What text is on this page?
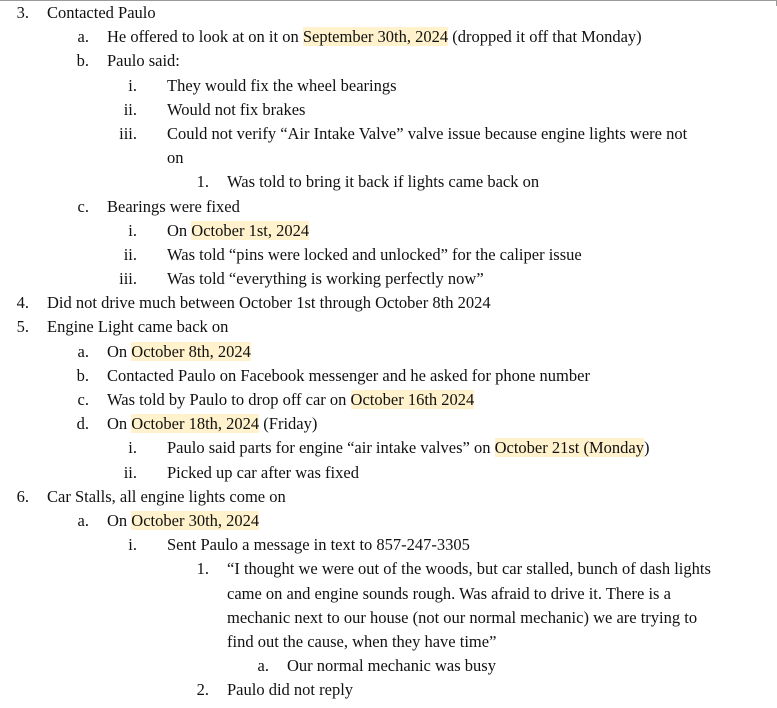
3. Contacted Paulo
a. He offered to look at on it on September 30th, 2024 (dropped it off that Monday)
b. Paulo said:
i. They would fix the wheel bearings
ii. Would not fix brakes
iii. Could not verify “Air Intake Valve” valve issue because engine lights were not
on
1. Was told to bring it back if lights came back on
c. Bearings were fixed
i. On October 1st, 2024
ii. Was told “pins were locked and unlocked” for the caliper issue
iii. Was told “everything is working perfectly now”
4. Did not drive much between October 1st through October 8th 2024
5. Engine Light came back on
a. On October 8th, 2024
b. Contacted Paulo on Facebook messenger and he asked for phone number
c. Was told by Paulo to drop off car on October 16th 2024
d. On October 18th, 2024 (Friday)
i. Paulo said parts for engine “air intake valves” on October 21st (Monday)
ii. Picked up car after was fixed
6. Car Stalls, all engine lights come on
a. On October 30th, 2024
i. Sent Paulo a message in text to 857-247-3305
1. “I thought we were out of the woods, but car stalled, bunch of dash lights
came on and engine sounds rough. Was afraid to drive it. There is a
mechanic next to our house (not our normal mechanic) we are trying to
find out the cause, when they have time”
a. Our normal mechanic was busy
2. Paulo did not reply
